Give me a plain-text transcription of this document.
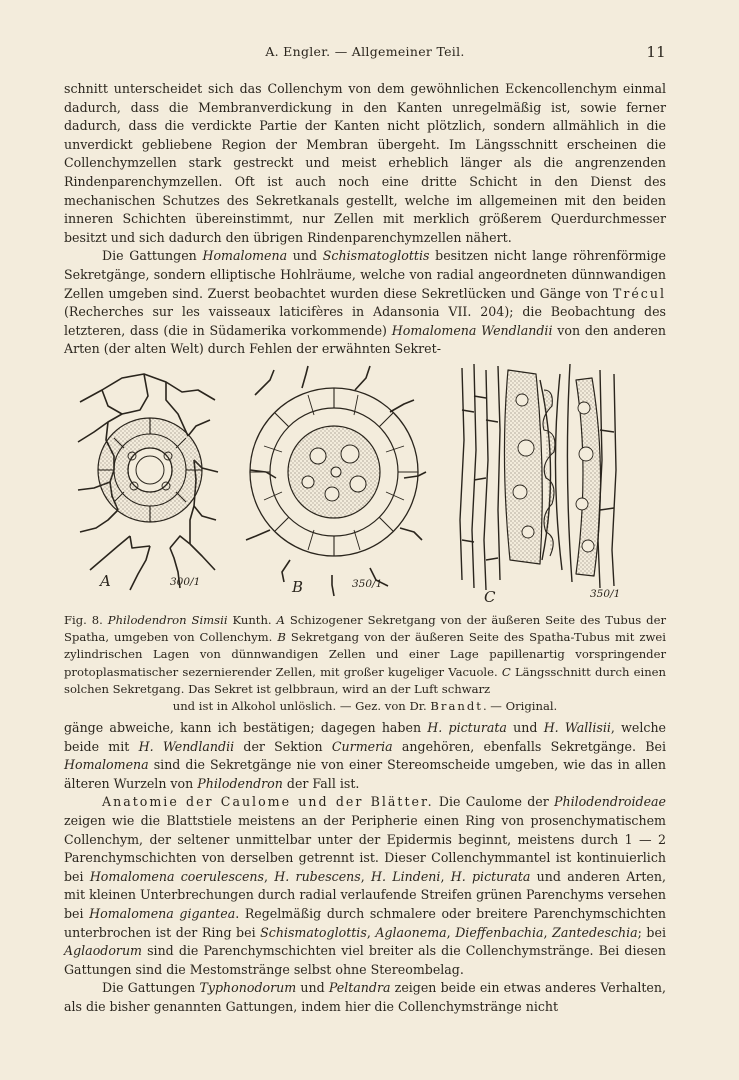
A. Engler. — Allgemeiner Teil.	11

schnitt unterscheidet sich das Collenchym von dem gewöhnlichen Eckencollenchym einmal dadurch, dass die Membranverdickung in den Kanten unregelmäßig ist, sowie ferner dadurch, dass die verdickte Partie der Kanten nicht plötzlich, sondern allmählich in die unverdickt gebliebene Region der Membran übergeht. Im Längsschnitt erscheinen die Collenchymzellen stark gestreckt und meist erheblich länger als die angrenzenden Rindenparenchymzellen. Oft ist auch noch eine dritte Schicht in den Dienst des mechanischen Schutzes des Sekretkanals gestellt, welche im allgemeinen mit den beiden inneren Schichten übereinstimmt, nur Zellen mit merklich größerem Querdurchmesser besitzt und sich dadurch den übrigen Rindenparenchymzellen nähert.

Die Gattungen Homalomena und Schismatoglottis besitzen nicht lange röhrenförmige Sekretgänge, sondern elliptische Hohlräume, welche von radial angeordneten dünnwandigen Zellen umgeben sind. Zuerst beobachtet wurden diese Sekretlücken und Gänge von Trécul (Recherches sur les vaisseaux laticifères in Adansonia VII. 204); die Beobachtung des letzteren, dass (die in Südamerika vorkommende) Homalomena Wendlandii von den anderen Arten (der alten Welt) durch Fehlen der erwähnten Sekret-

A	300/1	B	350/1
C	350/1
Fig. 8. Philodendron Simsii Kunth. A Schizogener Sekretgang von der äußeren Seite des Tubus der Spatha, umgeben von Collenchym. B Sekretgang von der äußeren Seite des Spatha-Tubus mit zwei zylindrischen Lagen von dünnwandigen Zellen und einer Lage papillenartig vorspringender protoplasmatischer sezernierender Zellen, mit großer kugeliger Vacuole. C Längsschnitt durch einen solchen Sekretgang. Das Sekret ist gelbbraun, wird an der Luft schwarz
und ist in Alkohol unlöslich. — Gez. von Dr. Brandt. — Original.

gänge abweiche, kann ich bestätigen; dagegen haben H. picturata und H. Wallisii, welche beide mit H. Wendlandii der Sektion Curmeria angehören, ebenfalls Sekretgänge. Bei Homalomena sind die Sekretgänge nie von einer Stereomscheide umgeben, wie das in allen älteren Wurzeln von Philodendron der Fall ist.

Anatomie der Caulome und der Blätter. Die Caulome der Philodendroideae zeigen wie die Blattstiele meistens an der Peripherie einen Ring von prosenchymatischem Collenchym, der seltener unmittelbar unter der Epidermis beginnt, meistens durch 1 — 2 Parenchymschichten von derselben getrennt ist. Dieser Collenchymmantel ist kontinuierlich bei Homalomena coerulescens, H. rubescens, H. Lindeni, H. picturata und anderen Arten, mit kleinen Unterbrechungen durch radial verlaufende Streifen grünen Parenchyms versehen bei Homalomena gigantea. Regelmäßig durch schmalere oder breitere Parenchymschichten unterbrochen ist der Ring bei Schismatoglottis, Aglaonema, Dieffenbachia, Zantedeschia; bei Aglaodorum sind die Parenchymschichten viel breiter als die Collenchymstränge. Bei diesen Gattungen sind die Mestomstränge selbst ohne Stereombelag.

Die Gattungen Typhonodorum und Peltandra zeigen beide ein etwas anderes Verhalten, als die bisher genannten Gattungen, indem hier die Collenchymstränge nicht
